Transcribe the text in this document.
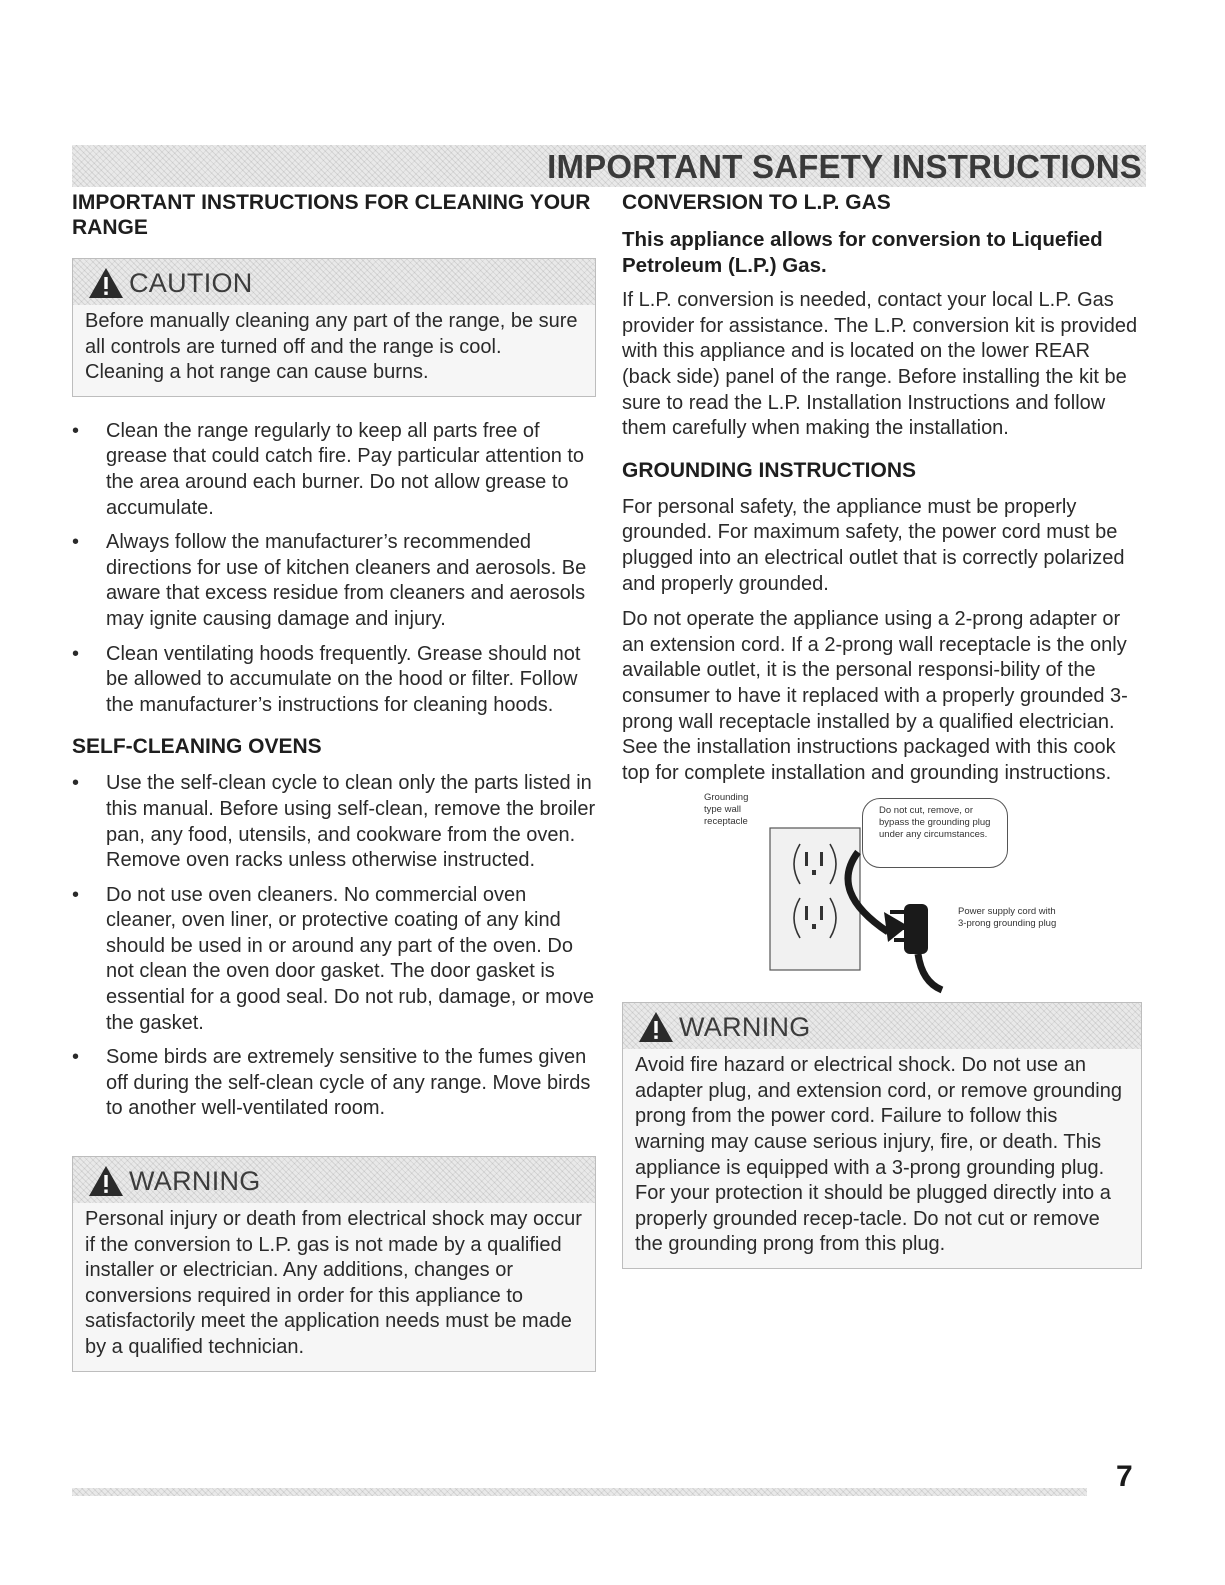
IMPORTANT SAFETY INSTRUCTIONS
IMPORTANT INSTRUCTIONS FOR CLEANING YOUR RANGE
CAUTION
Before manually cleaning any part of the range, be sure all controls are turned off and the range is cool. Cleaning a hot range can cause burns.
• Clean the range regularly to keep all parts free of grease that could catch fire. Pay particular attention to the area around each burner. Do not allow grease to accumulate.
• Always follow the manufacturer’s recommended directions for use of kitchen cleaners and aerosols. Be aware that excess residue from cleaners and aerosols may ignite causing damage and injury.
• Clean ventilating hoods frequently. Grease should not be allowed to accumulate on the hood or filter. Follow the manufacturer’s instructions for cleaning hoods.
SELF-CLEANING OVENS
• Use the self-clean cycle to clean only the parts listed in this manual. Before using self-clean, remove the broiler pan, any food, utensils, and cookware from the oven. Remove oven racks unless otherwise instructed.
• Do not use oven cleaners. No commercial oven cleaner, oven liner, or protective coating of any kind should be used in or around any part of the oven. Do not clean the oven door gasket. The door gasket is essential for a good seal. Do not rub, damage, or move the gasket.
• Some birds are extremely sensitive to the fumes given off during the self-clean cycle of any range. Move birds to another well-ventilated room.
WARNING
Personal injury or death from electrical shock may occur if the conversion to L.P. gas is not made by a qualified installer or electrician. Any additions, changes or conversions required in order for this appliance to satisfactorily meet the application needs must be made by a qualified technician.
CONVERSION TO L.P. GAS

This appliance allows for conversion to Liquefied Petroleum (L.P.) Gas.

If L.P. conversion is needed, contact your local L.P. Gas provider for assistance. The L.P. conversion kit is provided with this appliance and is located on the lower REAR (back side) panel of the range. Before installing the kit be sure to read the L.P. Installation Instructions and follow them carefully when making the installation.

GROUNDING INSTRUCTIONS

For personal safety, the appliance must be properly grounded. For maximum safety, the power cord must be plugged into an electrical outlet that is correctly polarized and properly grounded.

Do not operate the appliance using a 2-prong adapter or an extension cord. If a 2-prong wall receptacle is the only available outlet, it is the personal responsi-bility of the consumer to have it replaced with a properly grounded 3-prong wall receptacle installed by a qualified electrician. See the installation instructions packaged with this cook top for complete installation and grounding instructions.

Grounding type wall receptacle
Do not cut, remove, or bypass the grounding plug under any circumstances.
Power supply cord with 3-prong grounding plug
WARNING
Avoid fire hazard or electrical shock. Do not use an adapter plug, and extension cord, or remove grounding prong from the power cord. Failure to follow this warning may cause serious injury, fire, or death. This appliance is equipped with a 3-prong grounding plug. For your protection it should be plugged directly into a properly grounded recep-tacle. Do not cut or remove the grounding prong from this plug.
7
